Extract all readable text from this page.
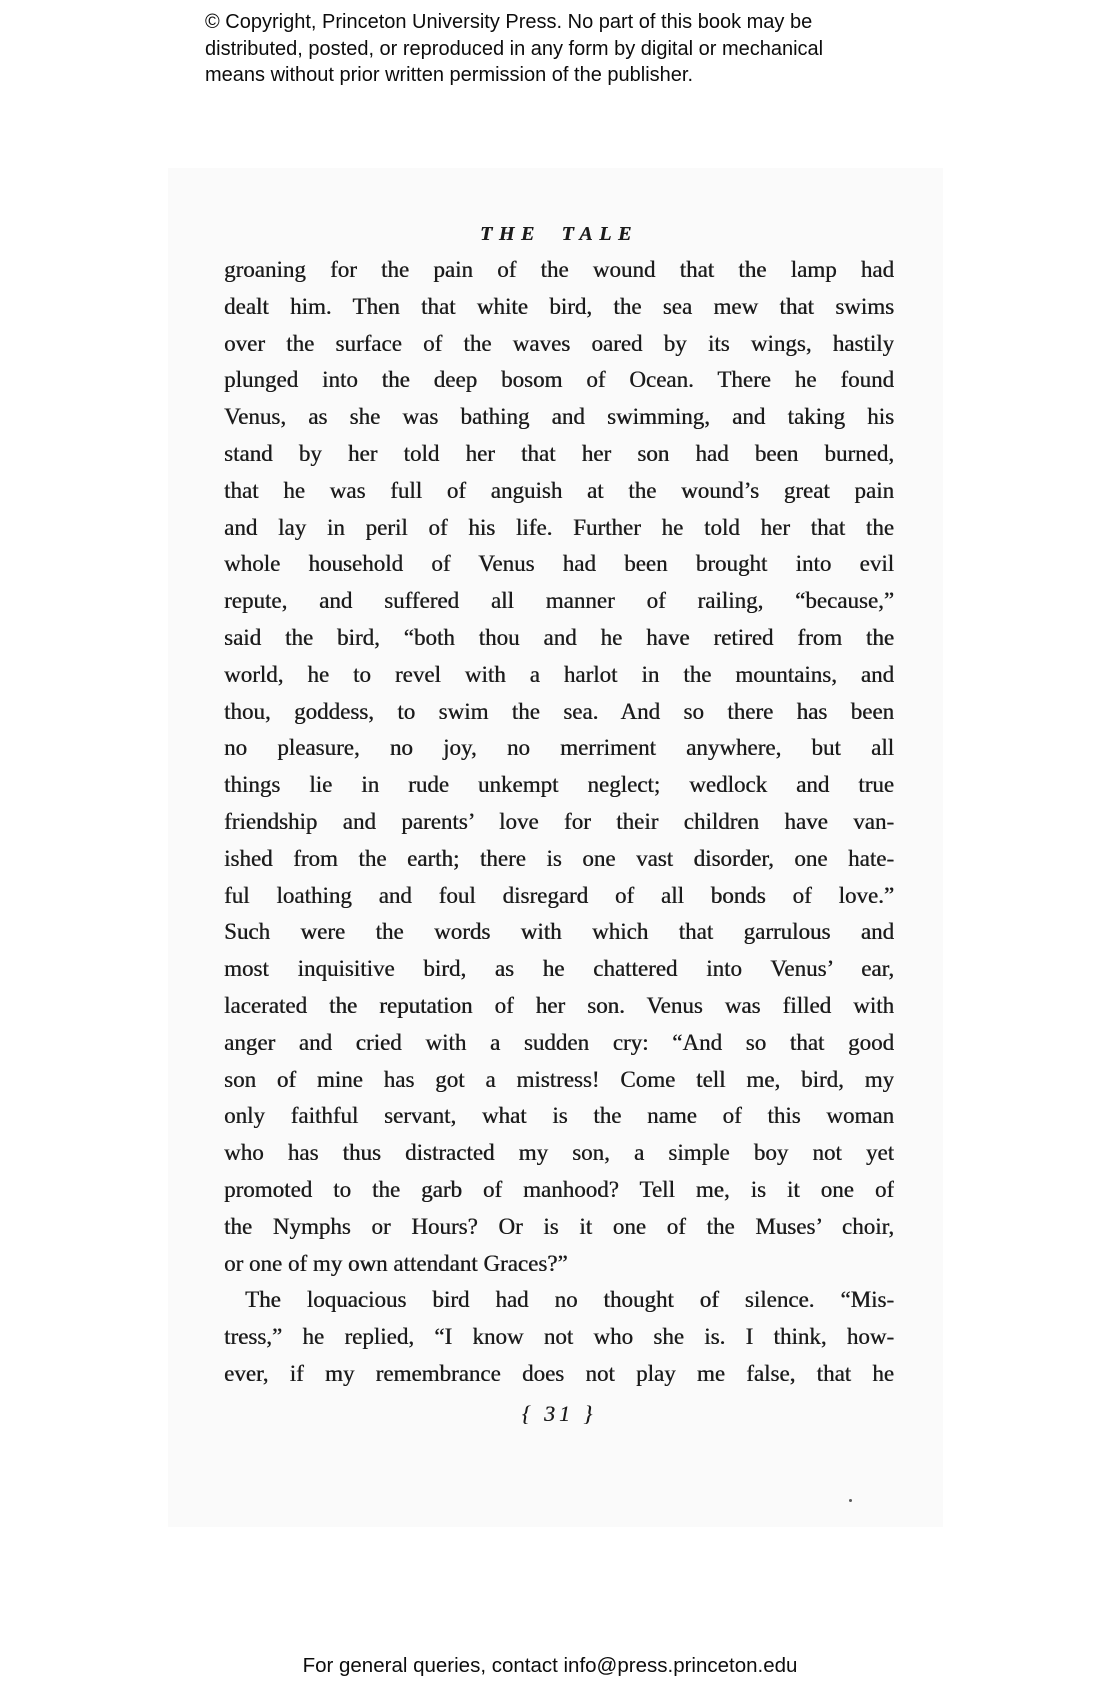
© Copyright, Princeton University Press. No part of this book may be
distributed, posted, or reproduced in any form by digital or mechanical
means without prior written permission of the publisher.
THE TALE
groaning for the pain of the wound that the lamp had
dealt him. Then that white bird, the sea mew that swims
over the surface of the waves oared by its wings, hastily
plunged into the deep bosom of Ocean. There he found
Venus, as she was bathing and swimming, and taking his
stand by her told her that her son had been burned,
that he was full of anguish at the wound’s great pain
and lay in peril of his life. Further he told her that the
whole household of Venus had been brought into evil
repute, and suffered all manner of railing, “because,”
said the bird, “both thou and he have retired from the
world, he to revel with a harlot in the mountains, and
thou, goddess, to swim the sea. And so there has been
no pleasure, no joy, no merriment anywhere, but all
things lie in rude unkempt neglect; wedlock and true
friendship and parents’ love for their children have van-
ished from the earth; there is one vast disorder, one hate-
ful loathing and foul disregard of all bonds of love.”
Such were the words with which that garrulous and
most inquisitive bird, as he chattered into Venus’ ear,
lacerated the reputation of her son. Venus was filled with
anger and cried with a sudden cry: “And so that good
son of mine has got a mistress! Come tell me, bird, my
only faithful servant, what is the name of this woman
who has thus distracted my son, a simple boy not yet
promoted to the garb of manhood? Tell me, is it one of
the Nymphs or Hours? Or is it one of the Muses’ choir,
or one of my own attendant Graces?”
The loquacious bird had no thought of silence. “Mis-
tress,” he replied, “I know not who she is. I think, how-
ever, if my remembrance does not play me false, that he
{ 31 }
For general queries, contact info@press.princeton.edu
